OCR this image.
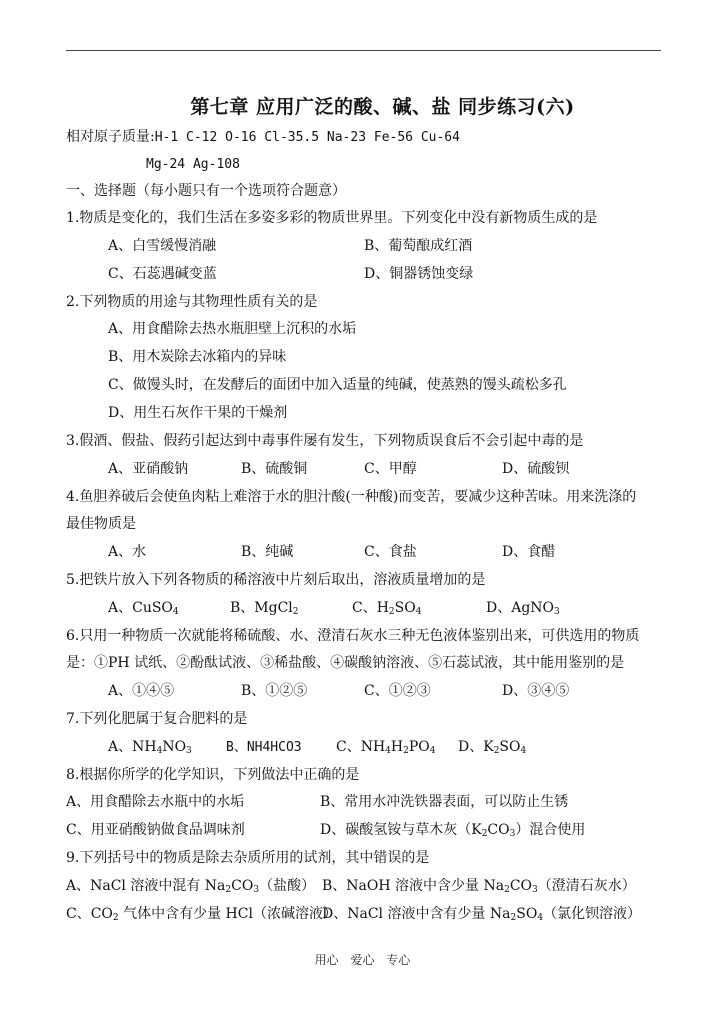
第七章 应用广泛的酸、碱、盐 同步练习(六)
相对原子质量:H-1 C-12 O-16 Cl-35.5 Na-23 Fe-56 Cu-64
Mg-24 Ag-108
一、选择题（每小题只有一个选项符合题意）
1.物质是变化的，我们生活在多姿多彩的物质世界里。下列变化中没有新物质生成的是
A、白雪缓慢消融	B、葡萄酿成红酒
C、石蕊遇碱变蓝	D、铜器锈蚀变绿
2.下列物质的用途与其物理性质有关的是
A、用食醋除去热水瓶胆壁上沉积的水垢
B、用木炭除去冰箱内的异味
C、做馒头时，在发酵后的面团中加入适量的纯碱，使蒸熟的馒头疏松多孔
D、用生石灰作干果的干燥剂
3.假酒、假盐、假药引起达到中毒事件屡有发生，下列物质误食后不会引起中毒的是
A、亚硝酸钠	B、硫酸铜	C、甲醇	D、硫酸钡
4.鱼胆养破后会使鱼肉粘上难溶于水的胆汁酸(一种酸)而变苦，要减少这种苦味。用来洗涤的
最佳物质是
A、水	B、纯碱	C、食盐	D、食醋
5.把铁片放入下列各物质的稀溶液中片刻后取出，溶液质量增加的是
A、CuSO$_4$	B、MgCl$_2$	C、$H_2SO_4$	D、AgNO$_3$
6.只用一种物质一次就能将稀硫酸、水、澄清石灰水三种无色液体鉴别出来，可供选用的物质
是：①PH 试纸、②酚酞试液、③稀盐酸、④碳酸钠溶液、⑤石蕊试液，其中能用鉴别的是
A、①④⑤	B、①②⑤	C、①②③	D、③④⑤
7.下列化肥属于复合肥料的是
A、$NH_4NO_3$	B、NH4HCO3 C、$NH_4H_2PO_4$ D、$K_2SO_4$
8.根据你所学的化学知识，下列做法中正确的是
A、用食醋除去水瓶中的水垢	B、常用水冲洗铁器表面，可以防止生锈
C、用亚硝酸钠做食品调味剂	D、碳酸氢铵与草木灰$(K_2CO_3)$混合使用
9.下列括号中的物质是除去杂质所用的试剂，其中错误的是
A、NaCl 溶液中混有 $Na_2CO_3$（盐酸） B、NaOH 溶液中含少量 $Na_2CO_3$（澄清石灰水）
C、$CO_2$ 气体中含有少量 HCl（浓碱溶液）
D、NaCl 溶液中含有少量 $Na_2SO_4$（氯化钡溶液）
用心 爱心 专心
